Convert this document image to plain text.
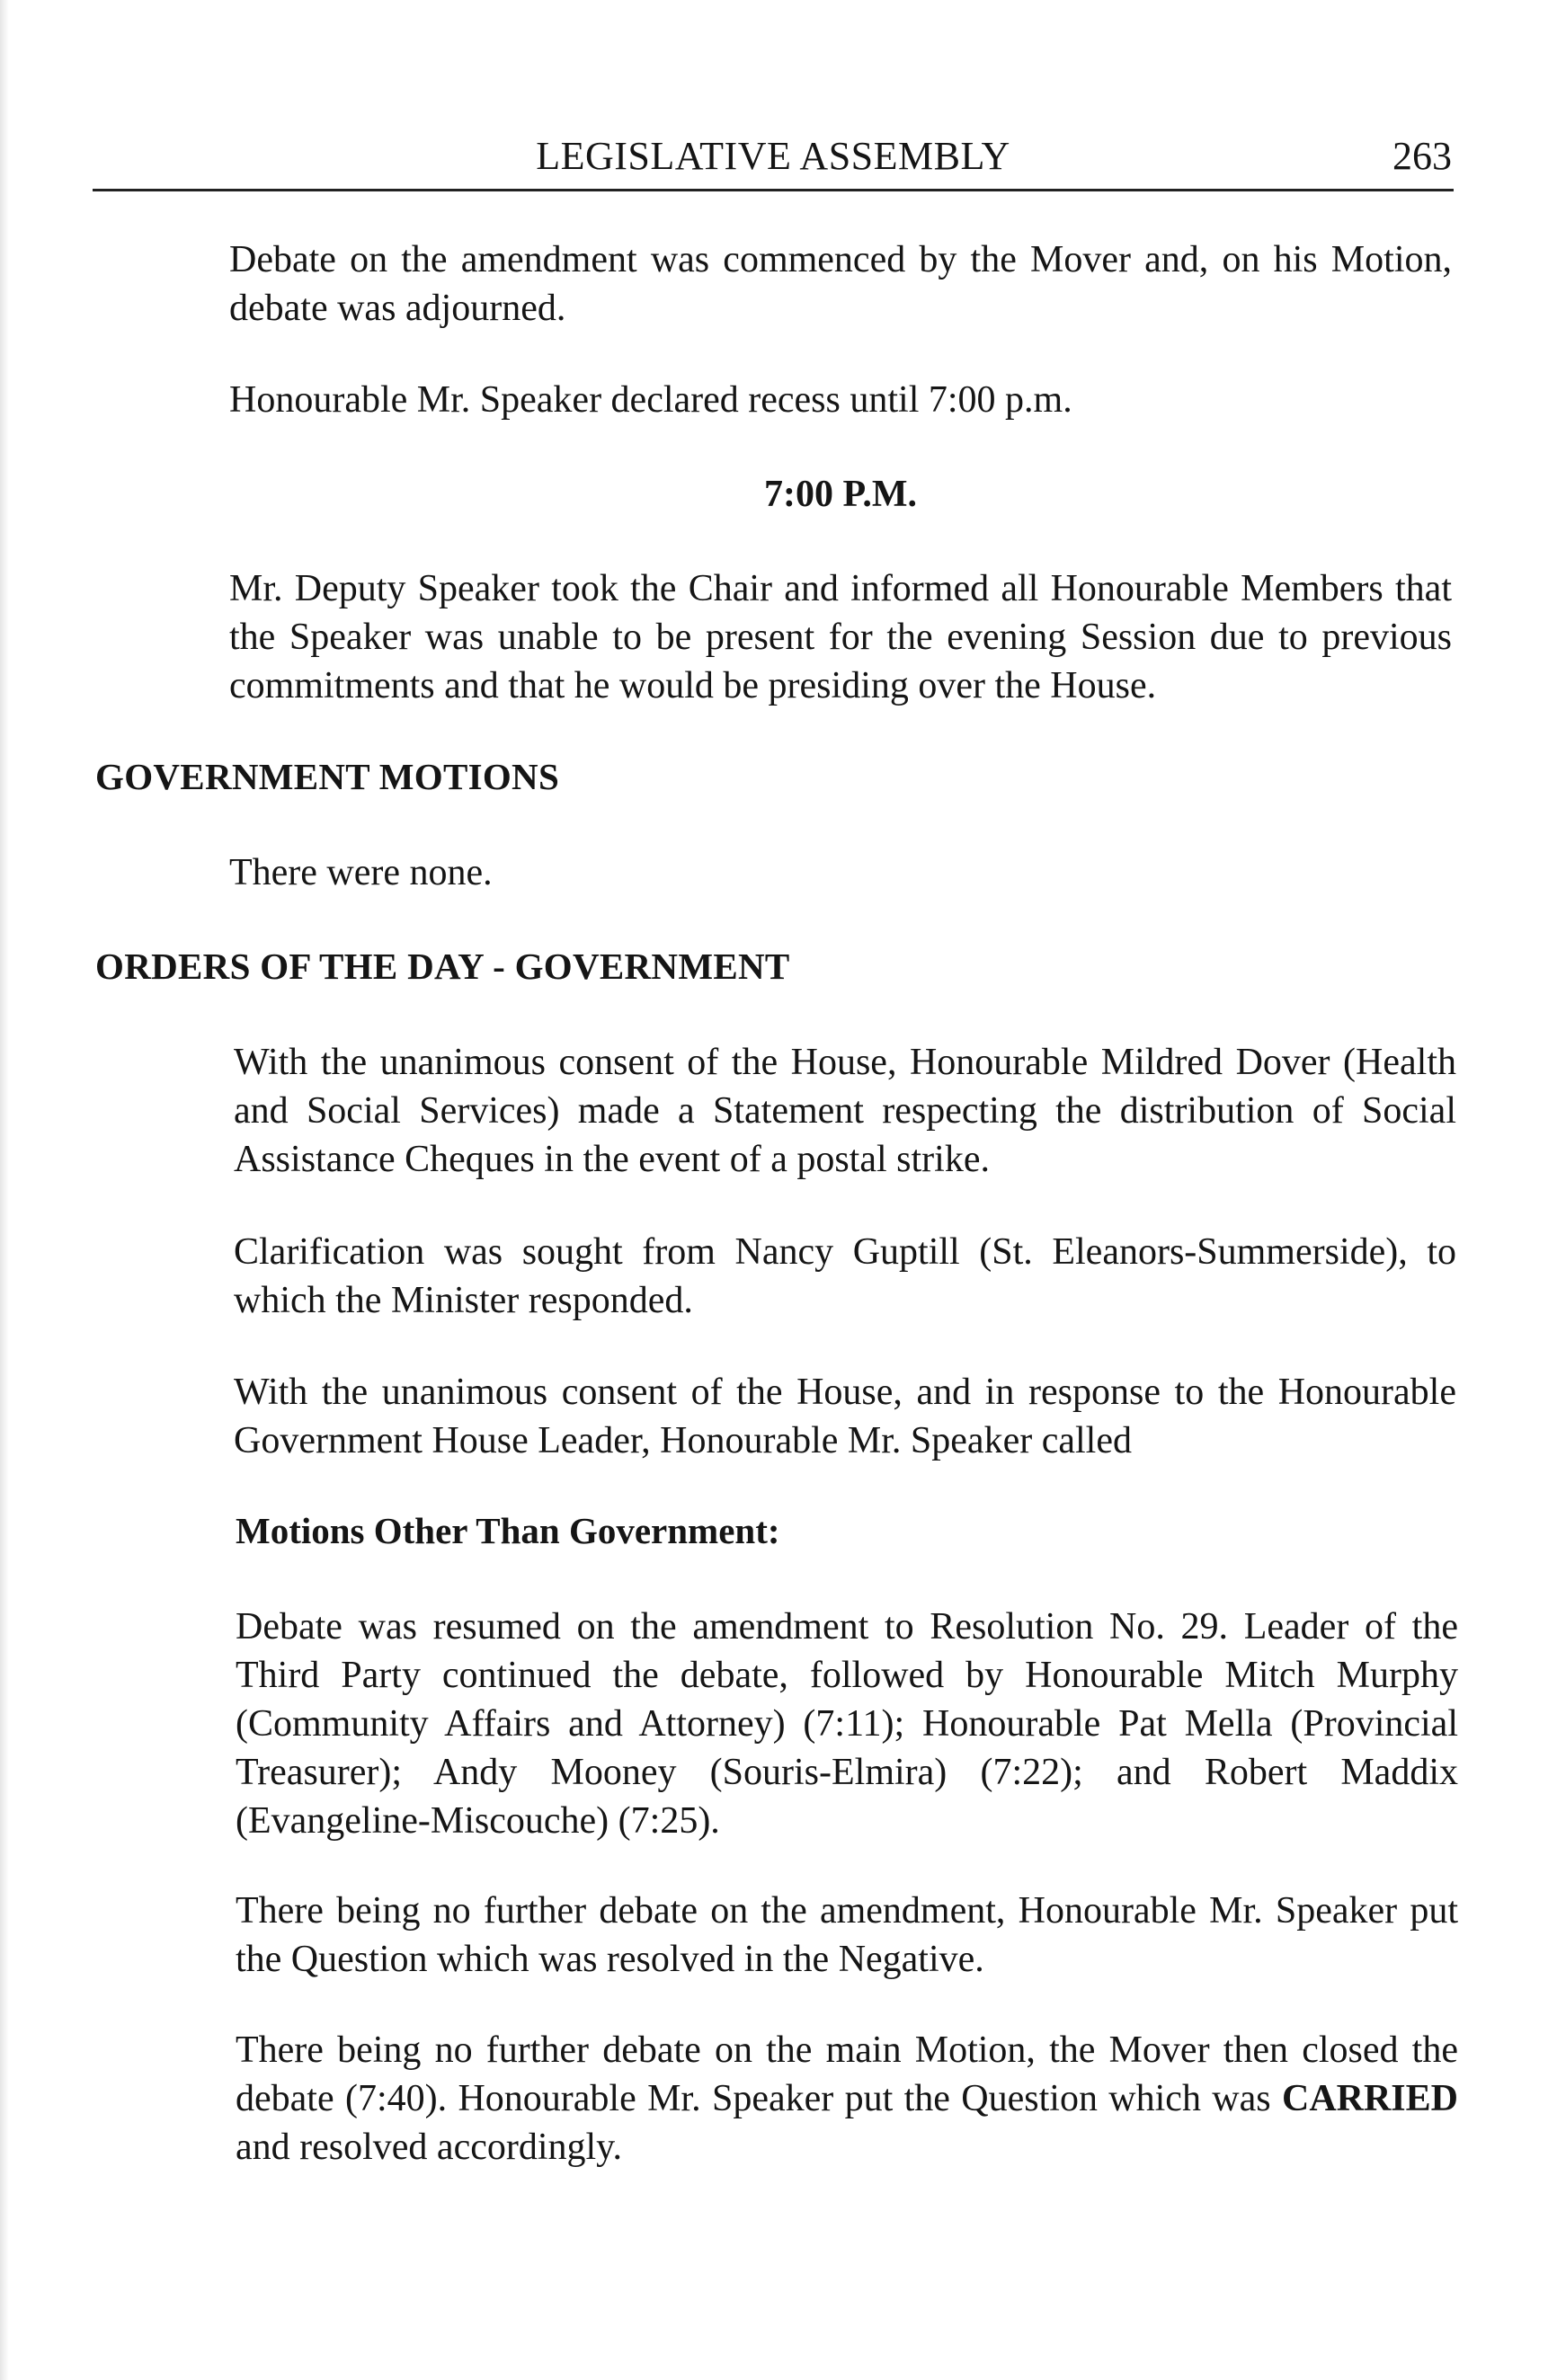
LEGISLATIVE ASSEMBLY	263

Debate on the amendment was commenced by the Mover and, on his Motion, debate was adjourned.

Honourable Mr. Speaker declared recess until 7:00 p.m.

7:00 P.M.

Mr. Deputy Speaker took the Chair and informed all Honourable Members that the Speaker was unable to be present for the evening Session due to previous commitments and that he would be presiding over the House.

GOVERNMENT MOTIONS

There were none.

ORDERS OF THE DAY - GOVERNMENT

With the unanimous consent of the House, Honourable Mildred Dover (Health and Social Services) made a Statement respecting the distribution of Social Assistance Cheques in the event of a postal strike.

Clarification was sought from Nancy Guptill (St. Eleanors-Summerside), to which the Minister responded.

With the unanimous consent of the House, and in response to the Honourable Government House Leader, Honourable Mr. Speaker called

Motions Other Than Government:

Debate was resumed on the amendment to Resolution No. 29. Leader of the Third Party continued the debate, followed by Honourable Mitch Murphy (Community Affairs and Attorney) (7:11); Honourable Pat Mella (Provincial Treasurer); Andy Mooney (Souris-Elmira) (7:22); and Robert Maddix (Evangeline-Miscouche) (7:25).

There being no further debate on the amendment, Honourable Mr. Speaker put the Question which was resolved in the Negative.

There being no further debate on the main Motion, the Mover then closed the debate (7:40). Honourable Mr. Speaker put the Question which was CARRIED and resolved accordingly.
